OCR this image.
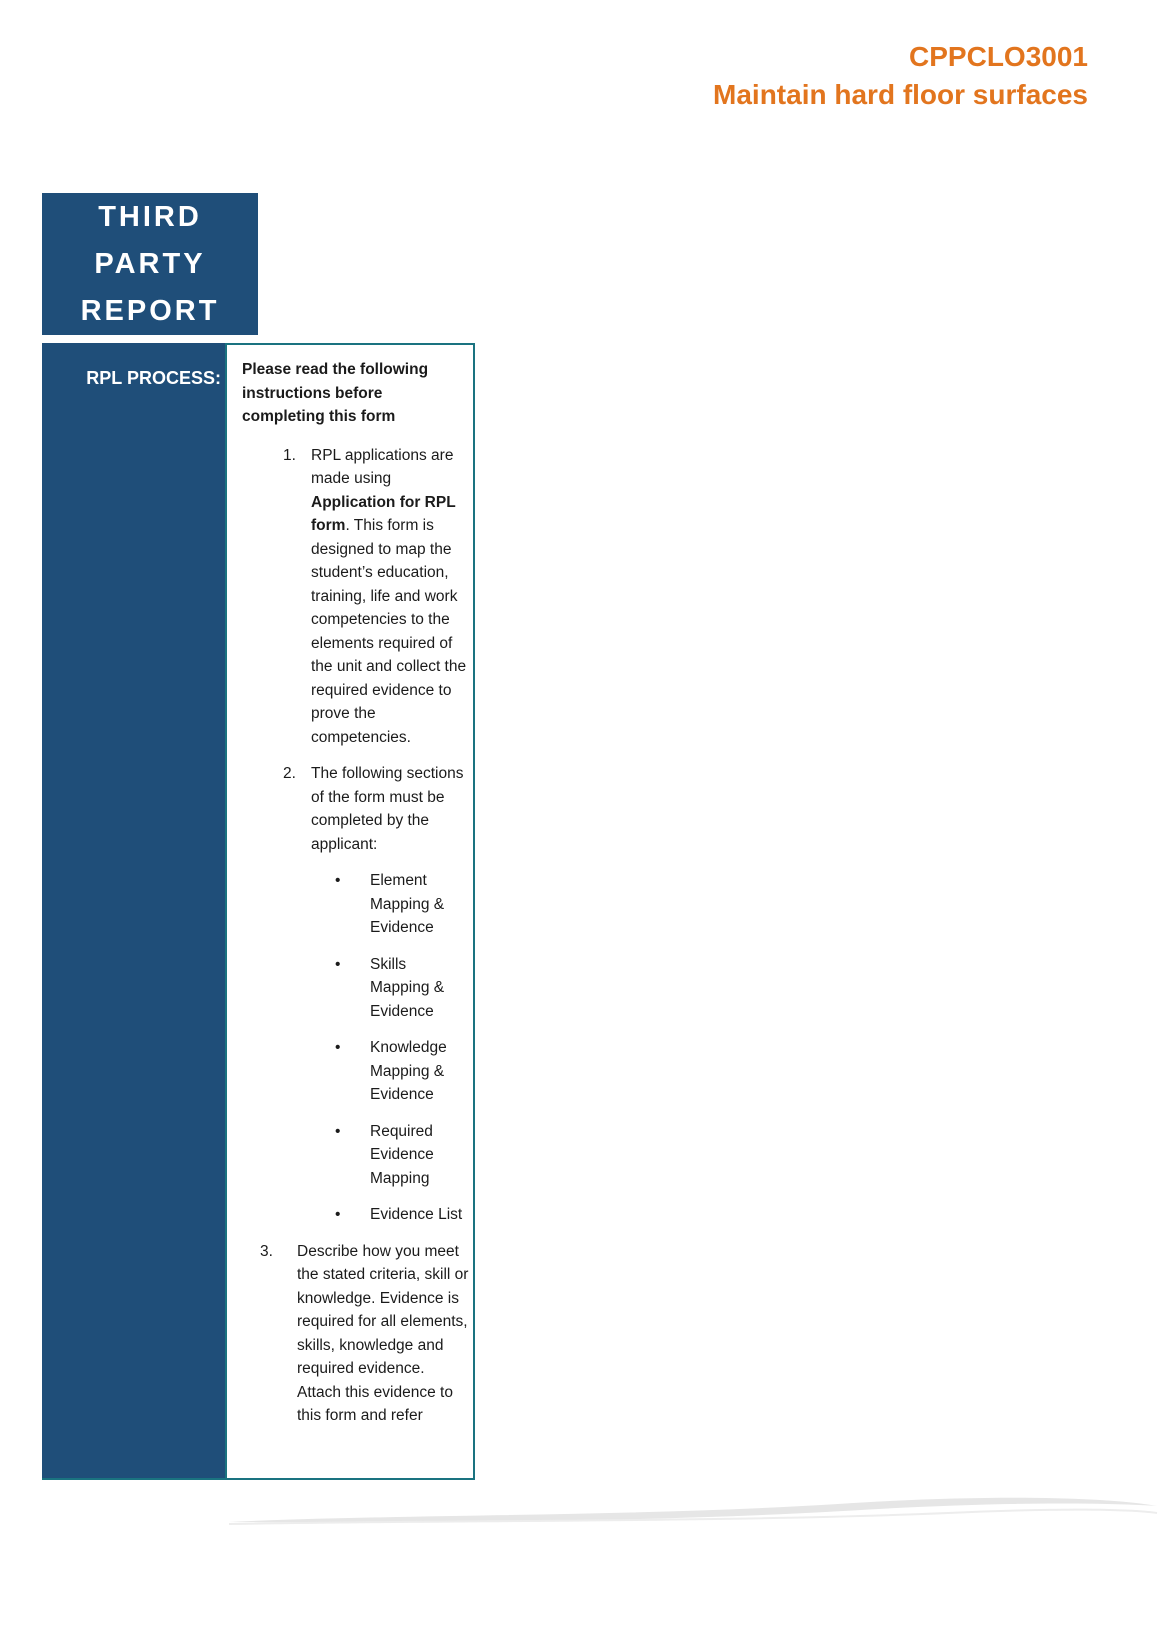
CPPCLO3001
Maintain hard floor surfaces
THIRD
PARTY
REPORT
RPL PROCESS: Please read the following instructions before completing this form

1. RPL applications are made using Application for RPL form. This form is designed to map the student’s education, training, life and work competencies to the elements required of the unit and collect the required evidence to prove the competencies.
2. The following sections of the form must be completed by the applicant:
•	Element Mapping & Evidence
•	Skills Mapping & Evidence
•	Knowledge Mapping & Evidence
•	Required Evidence Mapping
•	Evidence List
3.	Describe how you meet the stated criteria, skill or knowledge. Evidence is required for all elements, skills, knowledge and required evidence. Attach this evidence to this form and refer
